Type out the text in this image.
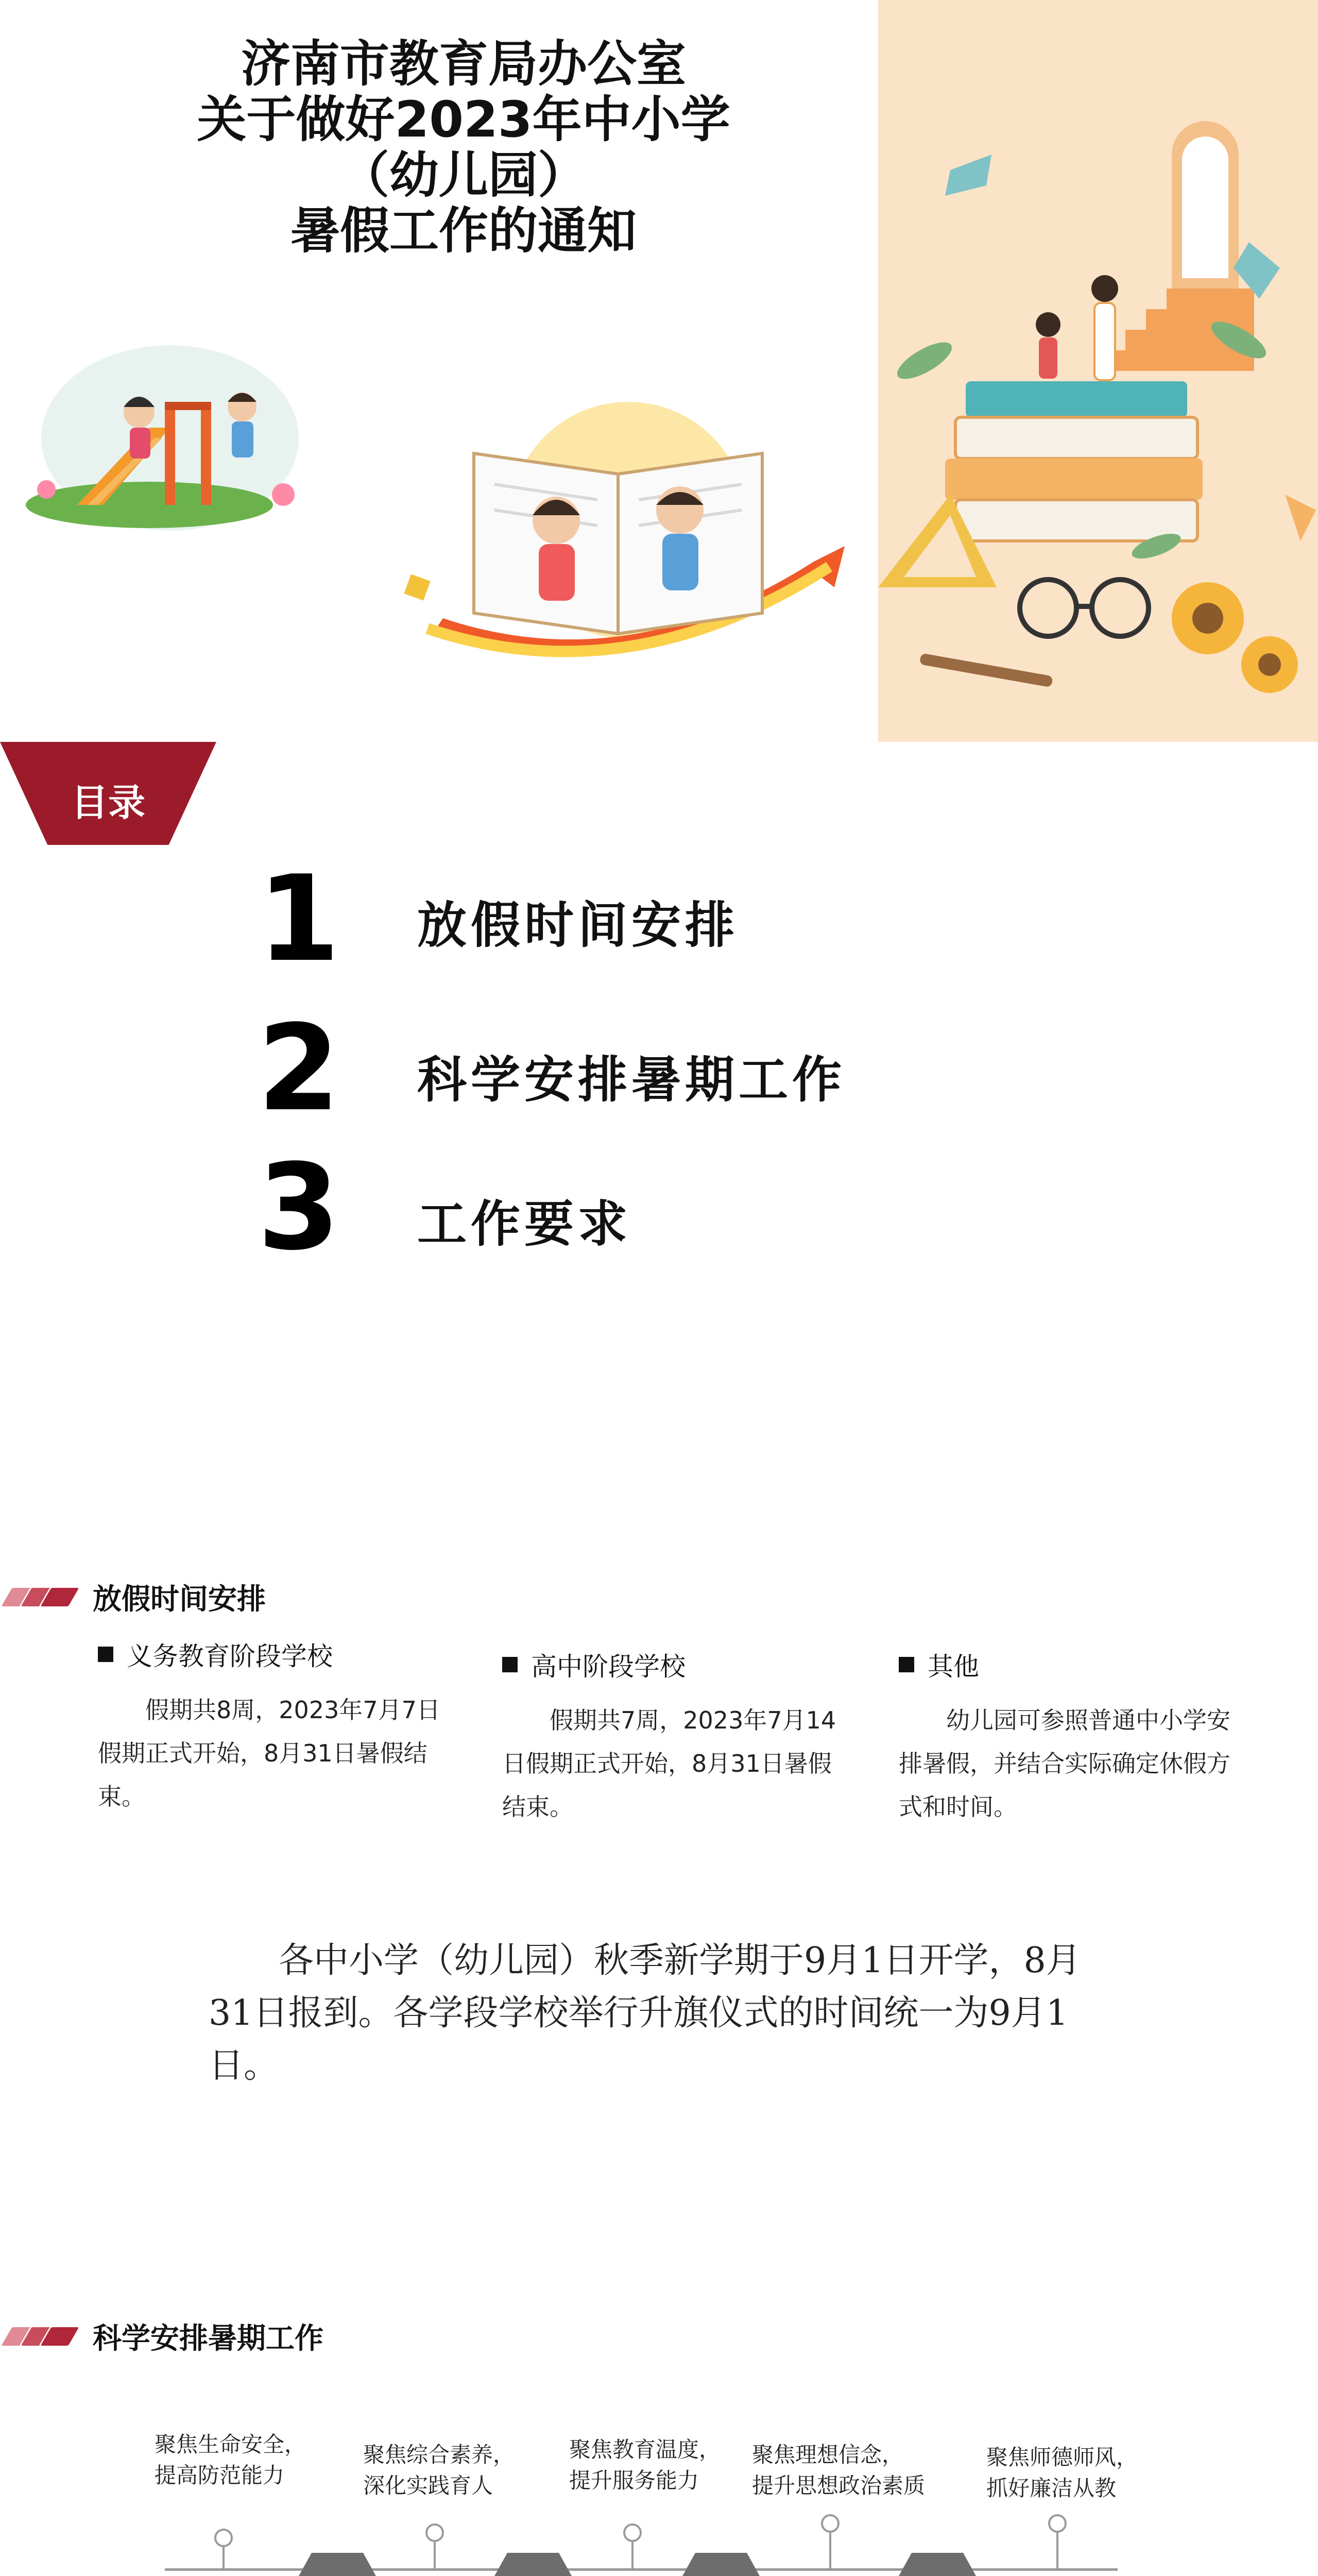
济南市教育局办公室
关于做好2023年中小学
（幼儿园）
暑假工作的通知
目录
1 放假时间安排
2 科学安排暑期工作
3 工作要求
放假时间安排
义务教育阶段学校
假期共8周，2023年7月7日假期正式开始，8月31日暑假结束。
高中阶段学校
假期共7周，2023年7月14日假期正式开始，8月31日暑假结束。
其他
幼儿园可参照普通中小学安排暑假，并结合实际确定休假方式和时间。
各中小学（幼儿园）秋季新学期于9月1日开学，8月31日报到。各学段学校举行升旗仪式的时间统一为9月1日。
科学安排暑期工作
聚焦生命安全，
提高防范能力
聚焦综合素养，
深化实践育人
聚焦教育温度，
提升服务能力
聚焦理想信念，
提升思想政治素质
聚焦师德师风，
抓好廉洁从教
